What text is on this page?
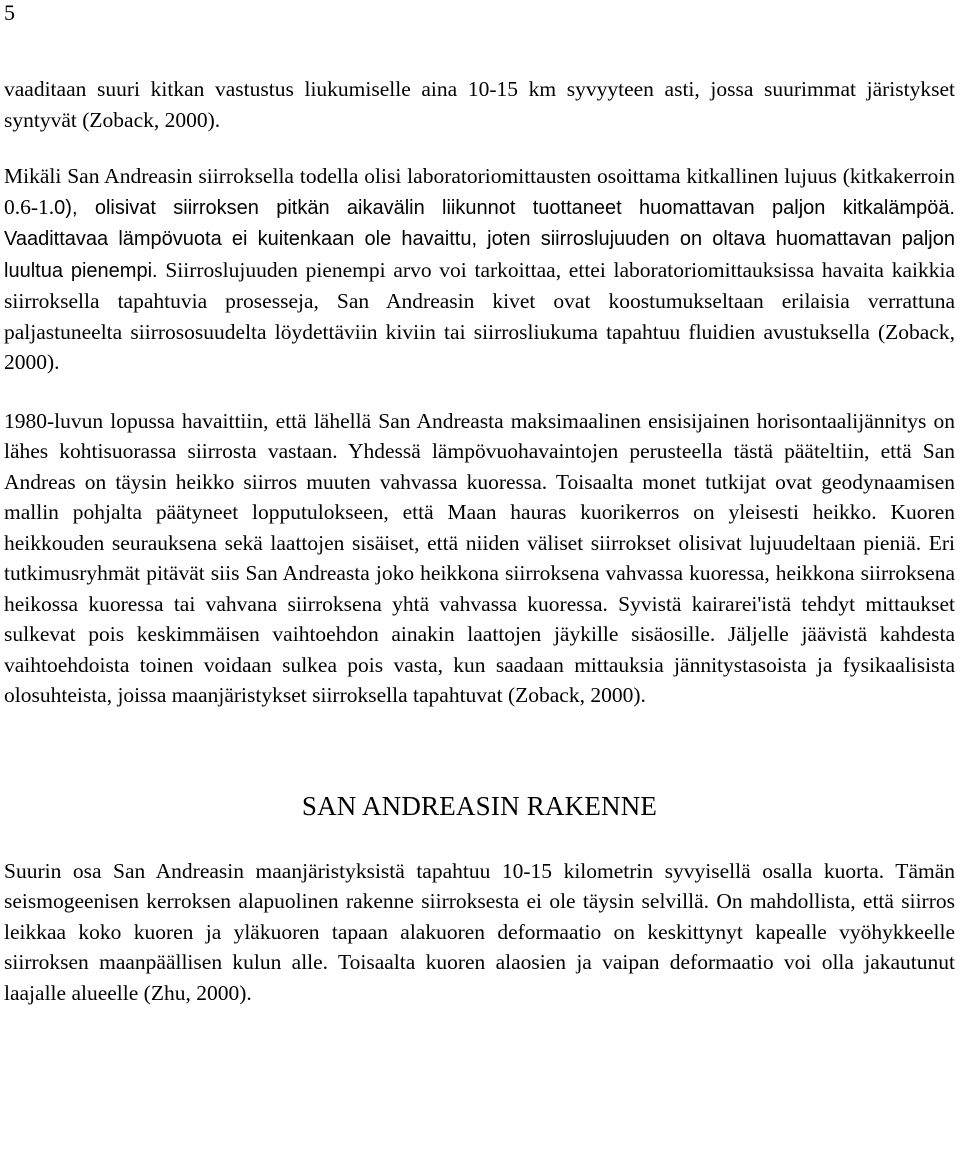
5

vaaditaan suuri kitkan vastustus liukumiselle aina 10-15 km syvyyteen asti, jossa suurimmat järistykset syntyvät (Zoback, 2000).

Mikäli San Andreasin siirroksella todella olisi laboratoriomittausten osoittama kitkallinen lujuus (kitkakerroin 0.6-1.0), olisivat siirroksen pitkän aikavälin liikunnot tuottaneet huomattavan paljon kitkalämpöä. Vaadittavaa lämpövuota ei kuitenkaan ole havaittu, joten siirroslujuuden on oltava huomattavan paljon luultua pienempi. Siirroslujuuden pienempi arvo voi tarkoittaa, ettei laboratoriomittauksissa havaita kaikkia siirroksella tapahtuvia prosesseja, San Andreasin kivet ovat koostumukseltaan erilaisia verrattuna paljastuneelta siirrososuudelta löydettäviin kiviin tai siirrosliukuma tapahtuu fluidien avustuksella (Zoback, 2000).

1980-luvun lopussa havaittiin, että lähellä San Andreasta maksimaalinen ensisijainen horisontaalijännitys on lähes kohtisuorassa siirrosta vastaan. Yhdessä lämpövuohavaintojen perusteella tästä pääteltiin, että San Andreas on täysin heikko siirros muuten vahvassa kuoressa. Toisaalta monet tutkijat ovat geodynaamisen mallin pohjalta päätyneet lopputulokseen, että Maan hauras kuorikerros on yleisesti heikko. Kuoren heikkouden seurauksena sekä laattojen sisäiset, että niiden väliset siirrokset olisivat lujuudeltaan pieniä. Eri tutkimusryhmät pitävät siis San Andreasta joko heikkona siirroksena vahvassa kuoressa, heikkona siirroksena heikossa kuoressa tai vahvana siirroksena yhtä vahvassa kuoressa. Syvistä kairarei'istä tehdyt mittaukset sulkevat pois keskimmäisen vaihtoehdon ainakin laattojen jäykille sisäosille. Jäljelle jäävistä kahdesta vaihtoehdoista toinen voidaan sulkea pois vasta, kun saadaan mittauksia jännitystasoista ja fysikaalisista olosuhteista, joissa maanjäristykset siirroksella tapahtuvat (Zoback, 2000).

SAN ANDREASIN RAKENNE

Suurin osa San Andreasin maanjäristyksistä tapahtuu 10-15 kilometrin syvyisellä osalla kuorta. Tämän seismogeenisen kerroksen alapuolinen rakenne siirroksesta ei ole täysin selvillä. On mahdollista, että siirros leikkaa koko kuoren ja yläkuoren tapaan alakuoren deformaatio on keskittynyt kapealle vyöhykkeelle siirroksen maanpäällisen kulun alle. Toisaalta kuoren alaosien ja vaipan deformaatio voi olla jakautunut laajalle alueelle (Zhu, 2000).
